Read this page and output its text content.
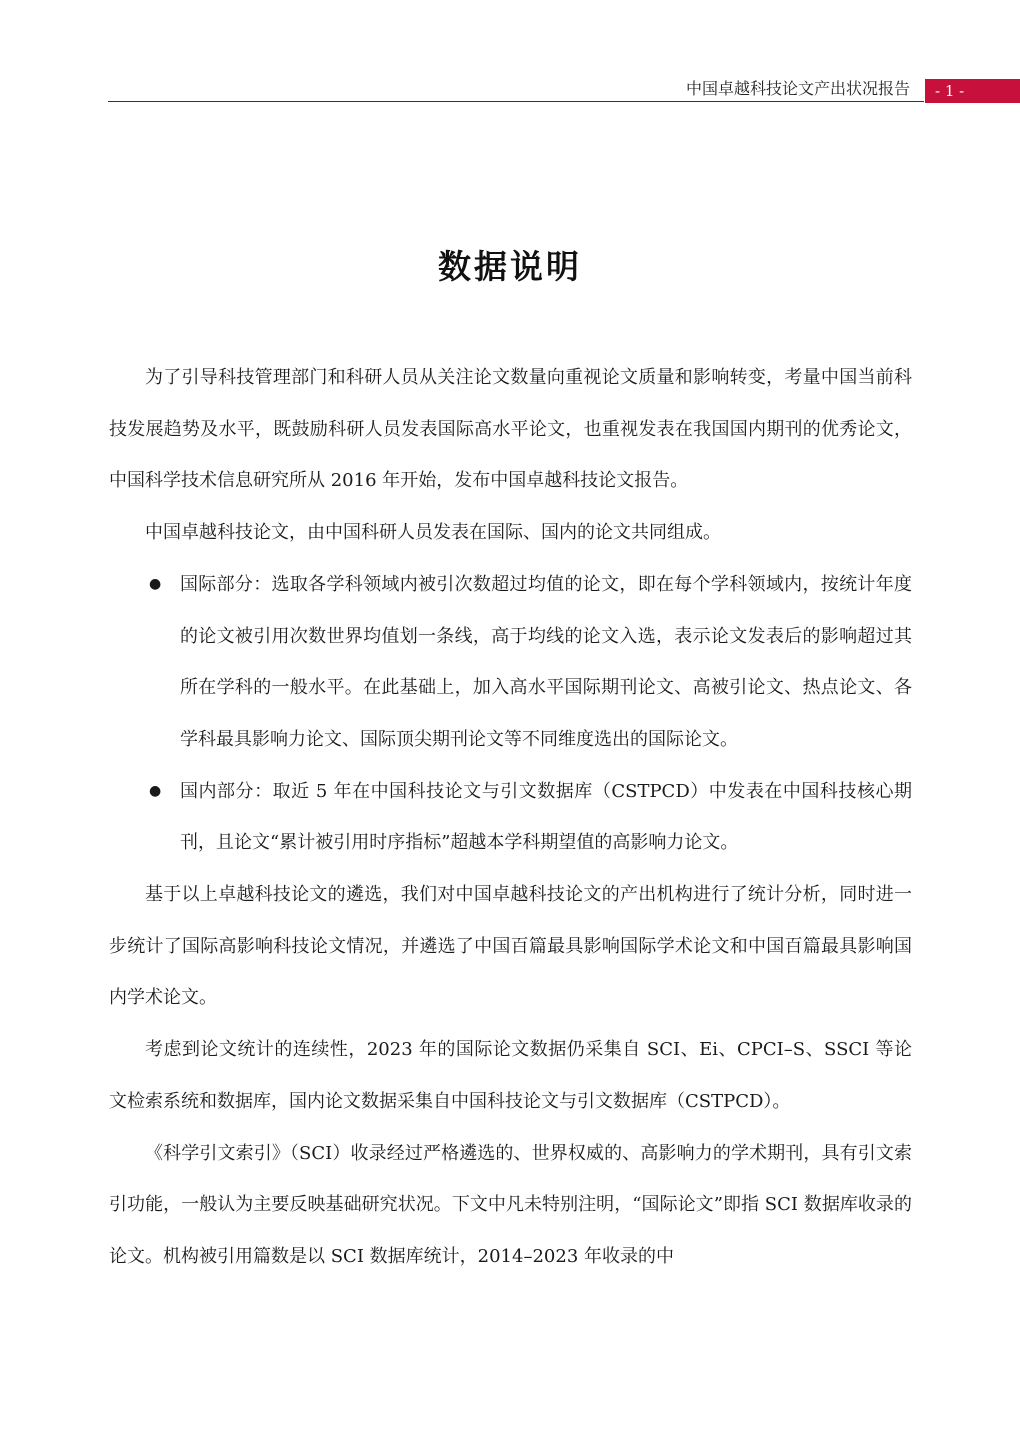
中国卓越科技论文产出状况报告 - 1 -
数据说明

为了引导科技管理部门和科研人员从关注论文数量向重视论文质量和影响转变，考量中国当前科技发展趋势及水平，既鼓励科研人员发表国际高水平论文，也重视发表在我国国内期刊的优秀论文，中国科学技术信息研究所从 2016 年开始，发布中国卓越科技论文报告。

中国卓越科技论文，由中国科研人员发表在国际、国内的论文共同组成。

● 国际部分：选取各学科领域内被引次数超过均值的论文，即在每个学科领域内，按统计年度的论文被引用次数世界均值划一条线，高于均线的论文入选，表示论文发表后的影响超过其所在学科的一般水平。在此基础上，加入高水平国际期刊论文、高被引论文、热点论文、各学科最具影响力论文、国际顶尖期刊论文等不同维度选出的国际论文。
● 国内部分：取近 5 年在中国科技论文与引文数据库（CSTPCD）中发表在中国科技核心期刊，且论文“累计被引用时序指标”超越本学科期望值的高影响力论文。

基于以上卓越科技论文的遴选，我们对中国卓越科技论文的产出机构进行了统计分析，同时进一步统计了国际高影响科技论文情况，并遴选了中国百篇最具影响国际学术论文和中国百篇最具影响国内学术论文。

考虑到论文统计的连续性，2023 年的国际论文数据仍采集自 SCI、Ei、CPCI–S、SSCI 等论文检索系统和数据库，国内论文数据采集自中国科技论文与引文数据库（CSTPCD）。

《科学引文索引》（SCI）收录经过严格遴选的、世界权威的、高影响力的学术期刊，具有引文索引功能，一般认为主要反映基础研究状况。下文中凡未特别注明，“国际论文”即指 SCI 数据库收录的论文。机构被引用篇数是以 SCI 数据库统计，2014–2023 年收录的中
